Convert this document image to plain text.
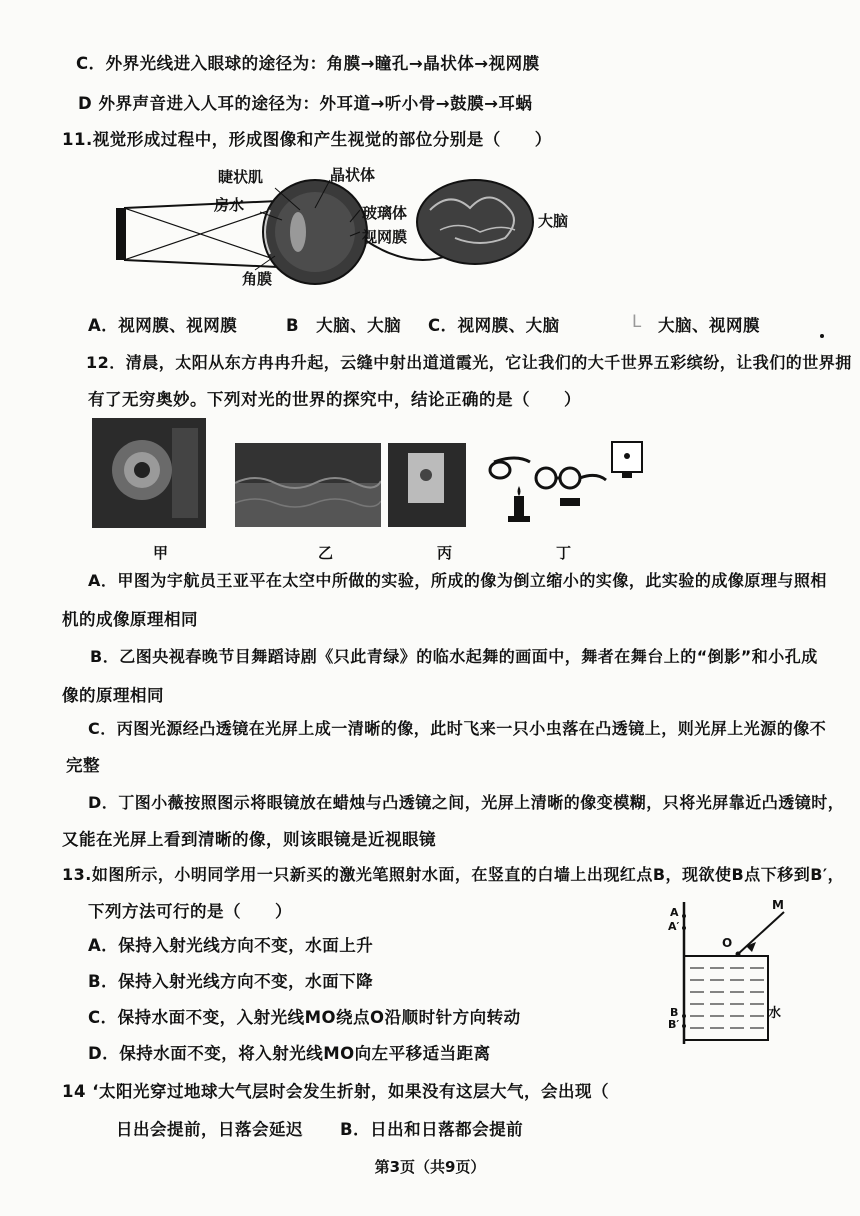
C．外界光线进入眼球的途径为：角膜→瞳孔→晶状体→视网膜
D 外界声音进入人耳的途径为：外耳道→听小骨→鼓膜→耳蜗
11.视觉形成过程中，形成图像和产生视觉的部位分别是（　　）
睫状肌	晶状体
房水	玻璃体
视网膜
角膜
大脑
A．视网膜、视网膜	B　大脑、大脑 C．视网膜、大脑	L 大脑、视网膜
12．清晨，太阳从东方冉冉升起，云缝中射出道道霞光，它让我们的大千世界五彩缤纷，让我们的世界拥
有了无穷奥妙。下列对光的世界的探究中，结论正确的是（　　）
甲	乙	丙	丁
A．甲图为宇航员王亚平在太空中所做的实验，所成的像为倒立缩小的实像，此实验的成像原理与照相
机的成像原理相同
B．乙图央视春晚节目舞蹈诗剧《只此青绿》的临水起舞的画面中，舞者在舞台上的“倒影”和小孔成
像的原理相同
C．丙图光源经凸透镜在光屏上成一清晰的像，此时飞来一只小虫落在凸透镜上，则光屏上光源的像不
完整
D．丁图小薇按照图示将眼镜放在蜡烛与凸透镜之间，光屏上清晰的像变模糊，只将光屏靠近凸透镜时，
又能在光屏上看到清晰的像，则该眼镜是近视眼镜
13.如图所示，小明同学用一只新买的激光笔照射水面，在竖直的白墙上出现红点B，现欲使B点下移到B′，
下列方法可行的是（　　）
A．保持入射光线方向不变，水面上升
B．保持入射光线方向不变，水面下降
C．保持水面不变，入射光线MO绕点O沿顺时针方向转动
D．保持水面不变，将入射光线MO向左平移适当距离
A
A′
B
B′
O
M
水
14 ‘太阳光穿过地球大气层时会发生折射，如果没有这层大气，会出现（
日出会提前，日落会延迟 B．日出和日落都会提前
第3页（共9页）
